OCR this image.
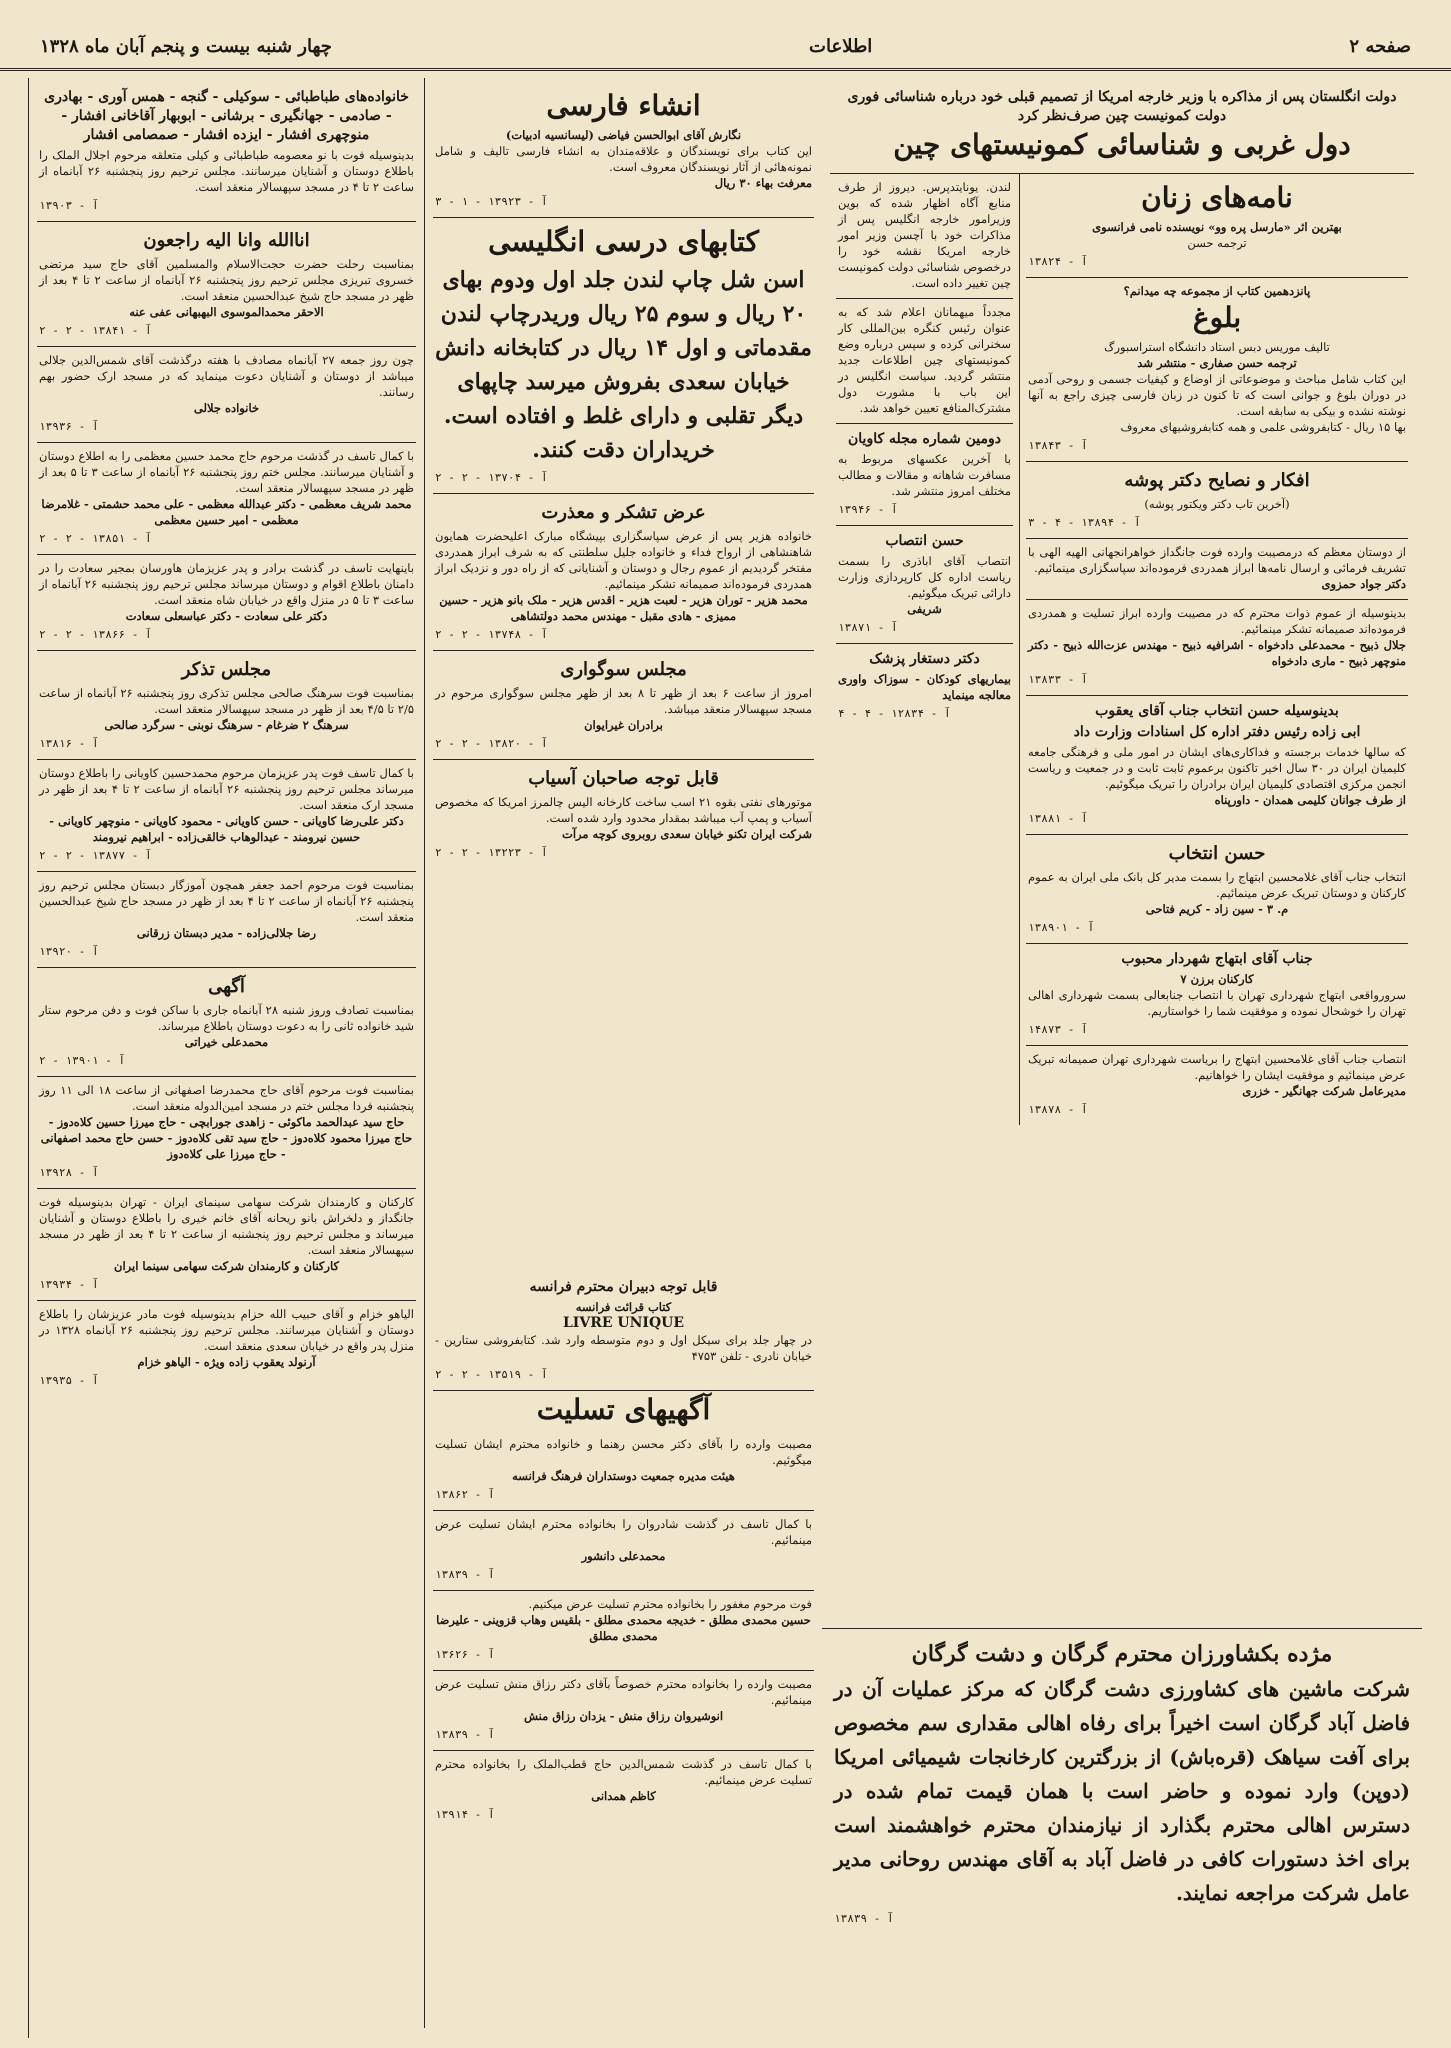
صفحه ۲
اطلاعات
چهار شنبه بیست و پنجم آبان ماه ۱۳۲۸
دولت انگلستان پس از مذاکره با وزیر خارجه امریکا از تصمیم قبلی خود درباره شناسائی فوری دولت کمونیست چین صرف‌نظر کرد
دول غربی و شناسائی کمونیستهای چین
نامه‌های زنان
بهترین اثر «مارسل پره وو» نویسنده نامی فرانسوی
ترجمه حسن
آ - ۱۳۸۲۴
پانزدهمین کتاب از مجموعه چه میدانم؟
بلوغ
تالیف موریس دبس استاد دانشگاه استراسبورگ
ترجمه حسن صفاری - منتشر شد
این کتاب شامل مباحث و موضوعاتی از اوضاع و کیفیات جسمی و روحی آدمی در دوران بلوغ و جوانی است که تا کنون در زبان فارسی چیزی راجع به آنها نوشته نشده و بیکی به سابقه است.
بها ۱۵ ریال - کتابفروشی علمی و همه کتابفروشیهای معروف
آ - ۱۳۸۴۳
افکار و نصایح دکتر پوشه
(آخرین تاب دکتر ویکتور پوشه)
آ - ۱۳۸۹۴ - ۴ - ۳
از دوستان معظم که درمصیبت وارده فوت جانگداز خواهرانجهانی الهیه الهی با تشریف فرمائی و ارسال نامه‌ها ابراز همدردی فرموده‌اند سپاسگزاری مینمائیم.
دکتر جواد حمزوی
بدینوسیله از عموم ذوات محترم که در مصیبت وارده ابراز تسلیت و همدردی فرموده‌اند صمیمانه تشکر مینمائیم.
جلال ذبیح - محمدعلی دادخواه - اشرافیه ذبیح - مهندس عزت‌الله ذبیح - دکتر منوچهر ذبیح - ماری دادخواه
آ - ۱۳۸۳۳
بدینوسیله حسن انتخاب جناب آقای یعقوب
ابی زاده رئیس دفتر اداره کل اسنادات وزارت داد
که سالها خدمات برجسته و فداکاری‌های ایشان در امور ملی و فرهنگی جامعه کلیمیان ایران در ۳۰ سال اخیر تاکنون برعموم ثابت ثابت و در جمعیت و ریاست انجمن مرکزی اقتصادی کلیمیان ایران برادران را تبریک میگوئیم.
از طرف جوانان کلیمی همدان - داورپناه
آ - ۱۳۸۸۱
حسن انتخاب
انتخاب جناب آقای غلامحسین ابتهاج را بسمت مدیر کل بانک ملی ایران به عموم کارکنان و دوستان تبریک عرض مینمائیم.
م. ۳ - سین زاد - کریم فتاحی
آ - ۱۳۸۹۰۱
جناب آقای ابتهاج شهردار محبوب
کارکنان برزن ۷
سرورواقعی ابتهاج شهرداری تهران با انتصاب جنابعالی بسمت شهرداری اهالی تهران را خوشحال نموده و موفقیت شما را خواستاریم.
آ - ۱۴۸۷۳
انتصاب جناب آقای غلامحسین ابتهاج را بریاست شهرداری تهران صمیمانه تبریک عرض مینمائیم و موفقیت ایشان را خواهانیم.
مدیرعامل شرکت جهانگیر - خزری
آ - ۱۳۸۷۸
لندن. یونایتدپرس. دیروز از طرف منابع آگاه اظهار شده که بوین وزیرامور خارجه انگلیس پس از مذاکرات خود با آچسن وزیر امور خارجه امریکا نقشه خود را درخصوص شناسائی دولت کمونیست چین تغییر داده است.
مجدداً میهمانان اعلام شد که به عنوان رئیس کنگره بین‌المللی کار سخنرانی کرده و سپس درباره وضع کمونیستهای چین اطلاعات جدید منتشر گردید. سیاست انگلیس در این باب با مشورت دول مشترک‌المنافع تعیین خواهد شد.
دومین شماره مجله کاویان
با آخرین عکسهای مربوط به مسافرت شاهانه و مقالات و مطالب مختلف امروز منتشر شد.
آ - ۱۳۹۴۶
حسن انتصاب
انتصاب آقای اباذری را بسمت ریاست اداره کل کارپردازی وزارت دارائی تبریک میگوئیم.
شریفی
آ - ۱۳۸۷۱
دکتر دستغار پزشک
بیماریهای کودکان - سوزاک واوری معالجه مینماید
آ - ۱۲۸۳۴ - ۴ - ۴
مژده بکشاورزان محترم گرگان و دشت گرگان
شرکت ماشین های کشاورزی دشت گرگان که مرکز عملیات آن در فاضل آباد گرگان است اخیراً برای رفاه اهالی مقداری سم مخصوص برای آفت سیاهک (قره‌باش) از بزرگترین کارخانجات شیمیائی امریکا (دوپن) وارد نموده و حاضر است با همان قیمت تمام شده در دسترس اهالی محترم بگذارد از نیازمندان محترم خواهشمند است برای اخذ دستورات کافی در فاضل آباد به آقای مهندس روحانی مدیر عامل شرکت مراجعه نمایند.
آ - ۱۳۸۳۹
انشاء فارسی
نگارش آقای ابوالحسن فیاضی (لیسانسیه ادبیات)
این کتاب برای نویسندگان و علاقه‌مندان به انشاء فارسی تالیف و شامل نمونه‌هائی از آثار نویسندگان معروف است.
معرفت بهاء ۳۰ ریال
آ - ۱۳۹۲۳ - ۱ - ۳
کتابهای درسی انگلیسی
اسن شل چاپ لندن جلد اول ودوم بهای ۲۰ ریال و سوم ۲۵ ریال وریدرچاپ لندن مقدماتی و اول ۱۴ ریال در کتابخانه دانش خیابان سعدی بفروش میرسد چاپهای دیگر تقلبی و دارای غلط و افتاده است. خریداران دقت کنند.
آ - ۱۳۷۰۴ - ۲ - ۲
عرض تشکر و معذرت
خانواده هزیر پس از عرض سپاسگزاری بپیشگاه مبارک اعلیحضرت همایون شاهنشاهی از ارواح فداء و خانواده جلیل سلطنتی که به شرف ابراز همدردی مفتخر گردیدیم از عموم رجال و دوستان و آشنایانی که از راه دور و نزدیک ابراز همدردی فرموده‌اند صمیمانه تشکر مینمائیم.
محمد هزیر - توران هزیر - لعبت هزیر - اقدس هزیر - ملک بانو هزیر - حسین ممیزی - هادی مقبل - مهندس محمد دولتشاهی
آ - ۱۳۷۴۸ - ۲ - ۲
مجلس سوگواری
امروز از ساعت ۶ بعد از ظهر تا ۸ بعد از ظهر مجلس سوگواری مرحوم در مسجد سپهسالار منعقد میباشد.
برادران غیرایوان
آ - ۱۳۸۲۰ - ۲ - ۲
قابل توجه صاحبان آسیاب
موتورهای نفتی بقوه ۲۱ اسب ساخت کارخانه الیس چالمرز امریکا که مخصوص آسیاب و پمپ آب میباشد بمقدار محدود وارد شده است.
شرکت ایران تکنو خیابان سعدی روبروی کوچه مرآت
آ - ۱۳۲۲۳ - ۲ - ۲
قابل توجه دبیران محترم فرانسه
کتاب قرائت فرانسه
LIVRE UNIQUE
در چهار جلد برای سیکل اول و دوم متوسطه وارد شد. کتابفروشی ستارین - خیابان نادری - تلفن ۴۷۵۳
آ - ۱۳۵۱۹ - ۲ - ۲
آگهیهای تسلیت
مصیبت وارده را بآقای دکتر محسن رهنما و خانواده محترم ایشان تسلیت میگوئیم.
هیئت مدیره جمعیت دوستداران فرهنگ فرانسه
آ - ۱۳۸۶۲
با کمال تاسف در گذشت شادروان را بخانواده محترم ایشان تسلیت عرض مینمائیم.
محمدعلی دانشور
آ - ۱۳۸۳۹
فوت مرحوم مغفور را بخانواده محترم تسلیت عرض میکنیم.
حسین محمدی مطلق - خدیجه محمدی مطلق - بلقیس وهاب قزوینی - علیرضا محمدی مطلق
آ - ۱۳۶۲۶
مصیبت وارده را بخانواده محترم خصوصاً بآقای دکتر رزاق منش تسلیت عرض مینمائیم.
انوشیروان رزاق منش - یزدان رزاق منش
آ - ۱۳۸۳۹
با کمال تاسف در گذشت شمس‌الدین حاج قطب‌الملک را بخانواده محترم تسلیت عرض مینمائیم.
کاظم همدانی
آ - ۱۳۹۱۴
خانواده‌های طباطبائی - سوکیلی - گنجه - همس آوری - بهادری - صادمی - جهانگیری - برشانی - ابوبهار آقاخانی افشار - منوچهری افشار - ایزده افشار - صمصامی افشار
بدینوسیله فوت با نو معصومه طباطبائی و کیلی متعلقه مرحوم اجلال الملک را باطلاع دوستان و آشنایان میرسانند. مجلس ترحیم روز پنجشنبه ۲۶ آبانماه از ساعت ۲ تا ۴ در مسجد سپهسالار منعقد است.
آ - ۱۳۹۰۳
اناالله وانا الیه راجعون
بمناسبت رحلت حضرت حجت‌الاسلام والمسلمین آقای حاج سید مرتضی خسروی تبریزی مجلس ترحیم روز پنجشنبه ۲۶ آبانماه از ساعت ۲ تا ۴ بعد از ظهر در مسجد حاج شیخ عبدالحسین منعقد است.
الاحقر محمدالموسوی البهبهانی عفی عنه
آ - ۱۳۸۴۱ - ۲ - ۲
چون روز جمعه ۲۷ آبانماه مصادف با هفته درگذشت آقای شمس‌الدین جلالی میباشد از دوستان و آشنایان دعوت مینماید که در مسجد ارک حضور بهم رسانند.
خانواده جلالی
آ - ۱۳۹۳۶
با کمال تاسف در گذشت مرحوم حاج محمد حسین معظمی را به اطلاع دوستان و آشنایان میرسانند. مجلس ختم روز پنجشنبه ۲۶ آبانماه از ساعت ۳ تا ۵ بعد از ظهر در مسجد سپهسالار منعقد است.
محمد شریف معظمی - دکتر عبدالله معظمی - علی محمد حشمتی - غلامرضا معظمی - امیر حسین معظمی
آ - ۱۳۸۵۱ - ۲ - ۲
باینهایت تاسف در گذشت برادر و پدر عزیزمان هاورسان بمجیر سعادت را در دامنان باطلاع اقوام و دوستان میرساند مجلس ترحیم روز پنجشنبه ۲۶ آبانماه از ساعت ۳ تا ۵ در منزل واقع در خیابان شاه منعقد است.
دکتر علی سعادت - دکتر عباسعلی سعادت
آ - ۱۳۸۶۶ - ۲ - ۲
مجلس تذکر
بمناسبت فوت سرهنگ صالحی مجلس تذکری روز پنجشنبه ۲۶ آبانماه از ساعت ۲/۵ تا ۴/۵ بعد از ظهر در مسجد سپهسالار منعقد است.
سرهنگ ۲ ضرغام - سرهنگ نوبنی - سرگرد صالحی
آ - ۱۳۸۱۶
با کمال تاسف فوت پدر عزیزمان مرحوم محمدحسین کاویانی را باطلاع دوستان میرساند مجلس ترحیم روز پنجشنبه ۲۶ آبانماه از ساعت ۲ تا ۴ بعد از ظهر در مسجد ارک منعقد است.
دکتر علی‌رضا کاویانی - حسن کاویانی - محمود کاویانی - منوچهر کاویانی - حسین نیرومند - عبدالوهاب خالقی‌زاده - ابراهیم نیرومند
آ - ۱۳۸۷۷ - ۲ - ۲
بمناسبت فوت مرحوم احمد جعفر همچون آموزگار دبستان مجلس ترحیم روز پنجشنبه ۲۶ آبانماه از ساعت ۲ تا ۴ بعد از ظهر در مسجد حاج شیخ عبدالحسین منعقد است.
رضا جلالی‌زاده - مدیر دبستان زرقانی
آ - ۱۳۹۲۰
آگهی
بمناسبت تصادف وروز شنبه ۲۸ آبانماه جاری با ساکن فوت و دفن مرحوم ستار شید خانواده ثانی را به دعوت دوستان باطلاع میرساند.
محمدعلی خیراتی
آ - ۱۳۹۰۱ - ۲
بمناسبت فوت مرحوم آقای حاج محمدرضا اصفهانی از ساعت ۱۸ الی ۱۱ روز پنجشنبه فردا مجلس ختم در مسجد امین‌الدوله منعقد است.
حاج سید عبدالحمد ماکوئی - زاهدی جورابچی - حاج میرزا حسین کلاه‌دوز - حاج میرزا محمود کلاه‌دوز - حاج سید تقی کلاه‌دوز - حسن حاج محمد اصفهانی - حاج میرزا علی کلاه‌دوز
آ - ۱۳۹۲۸
کارکنان و کارمندان شرکت سهامی سینمای ایران - تهران بدینوسیله فوت جانگداز و دلخراش بانو ریحانه آقای خانم خیری را باطلاع دوستان و آشنایان میرساند و مجلس ترحیم روز پنجشنبه از ساعت ۲ تا ۴ بعد از ظهر در مسجد سپهسالار منعقد است.
کارکنان و کارمندان شرکت سهامی سینما ایران
آ - ۱۳۹۳۴
الیاهو خزام و آقای حبیب الله حزام بدینوسیله فوت مادر عزیزشان را باطلاع دوستان و آشنایان میرسانند. مجلس ترحیم روز پنجشنبه ۲۶ آبانماه ۱۳۲۸ در منزل پدر واقع در خیابان سعدی منعقد است.
آرنولد یعقوب زاده ویژه - الیاهو خزام
آ - ۱۳۹۳۵
